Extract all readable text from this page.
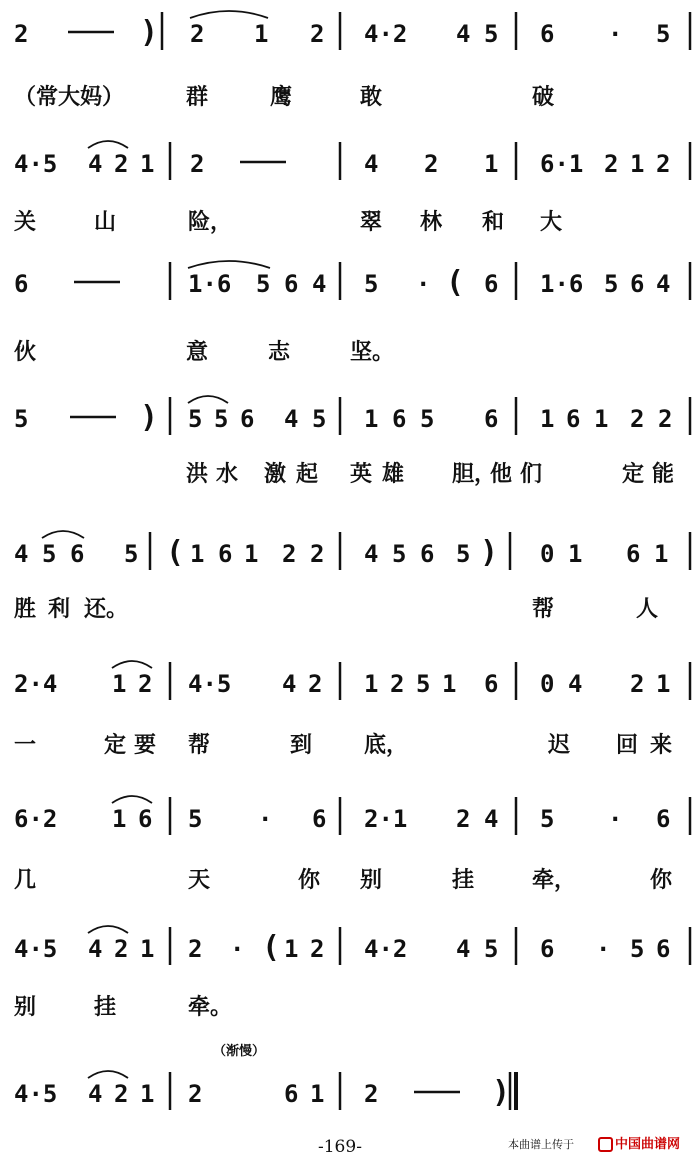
2	) 2 1 2 4·2 4 5 6 · 5
4·5 4 2 1 2	4 2 1 6·1 2 1 2
6	1·6 5 6 4 5 · ( 6 1·6 5 6 4
5	) 5 5 6 4 5 1 6 5 6 1 6 1 2 2
4 5 6 5 ( 1 6 1 2 2 4 5 6 5 ) 0 1 6 1
2·4 1 2 4·5 4 2 1 2 5 1 6 0 4 2 1
6·2 1 6 5 · 6 2·1 2 4 5 · 6
4·5 4 2 1 2 · ( 1 2 4·2 4 5 6 · 5 6
4·5 4 2 1 2	6 1 2	)
（常大妈）	群	鹰	敢	破
关	山	险，	翠 林 和 大
伙	意	志	坚。
洪 水 激 起 英 雄 胆，
他 们	定 能
胜 利 还。	帮	人
一	定 要 帮	到 底，	迟 回 来
几	天	你 别	挂	牵，	你
别	挂	牵。
（渐慢）
-169-	本曲谱上传于	中国曲谱网
